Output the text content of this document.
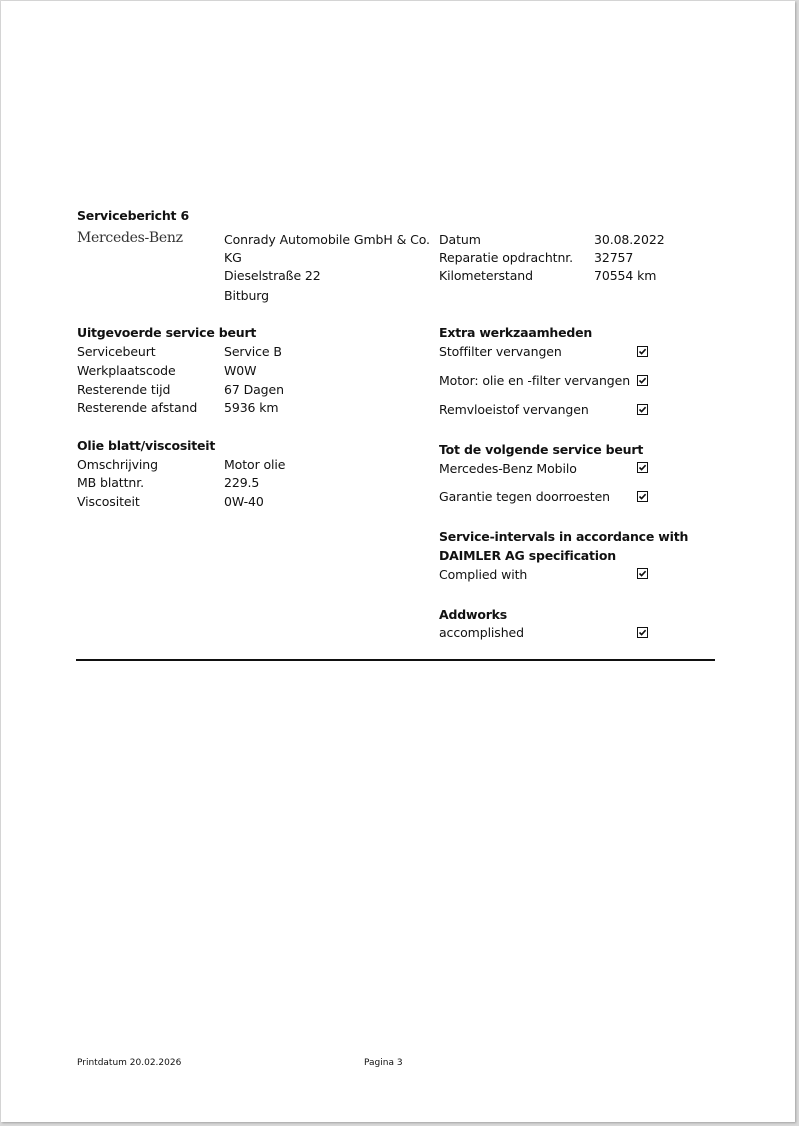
Servicebericht 6
Mercedes-Benz	Conrady Automobile GmbH & Co.
KG
Dieselstraße 22
Bitburg
Datum	30.08.2022
Reparatie opdrachtnr. 32757
Kilometerstand	70554 km
Uitgevoerde service beurt
Servicebeurt	Service B
Werkplaatscode	W0W
Resterende tijd	67 Dagen
Resterende afstand 5936 km
Olie blatt/viscositeit
Omschrijving	Motor olie
MB blattnr.	229.5
Viscositeit	0W-40
Extra werkzaamheden
Stoffilter vervangen
Motor: olie en -filter vervangen
Remvloeistof vervangen
Tot de volgende service beurt
Mercedes-Benz Mobilo
Garantie tegen doorroesten
Service-intervals in accordance with
DAIMLER AG specification
Complied with
Addworks
accomplished
Printdatum 20.02.2026	Pagina 3
